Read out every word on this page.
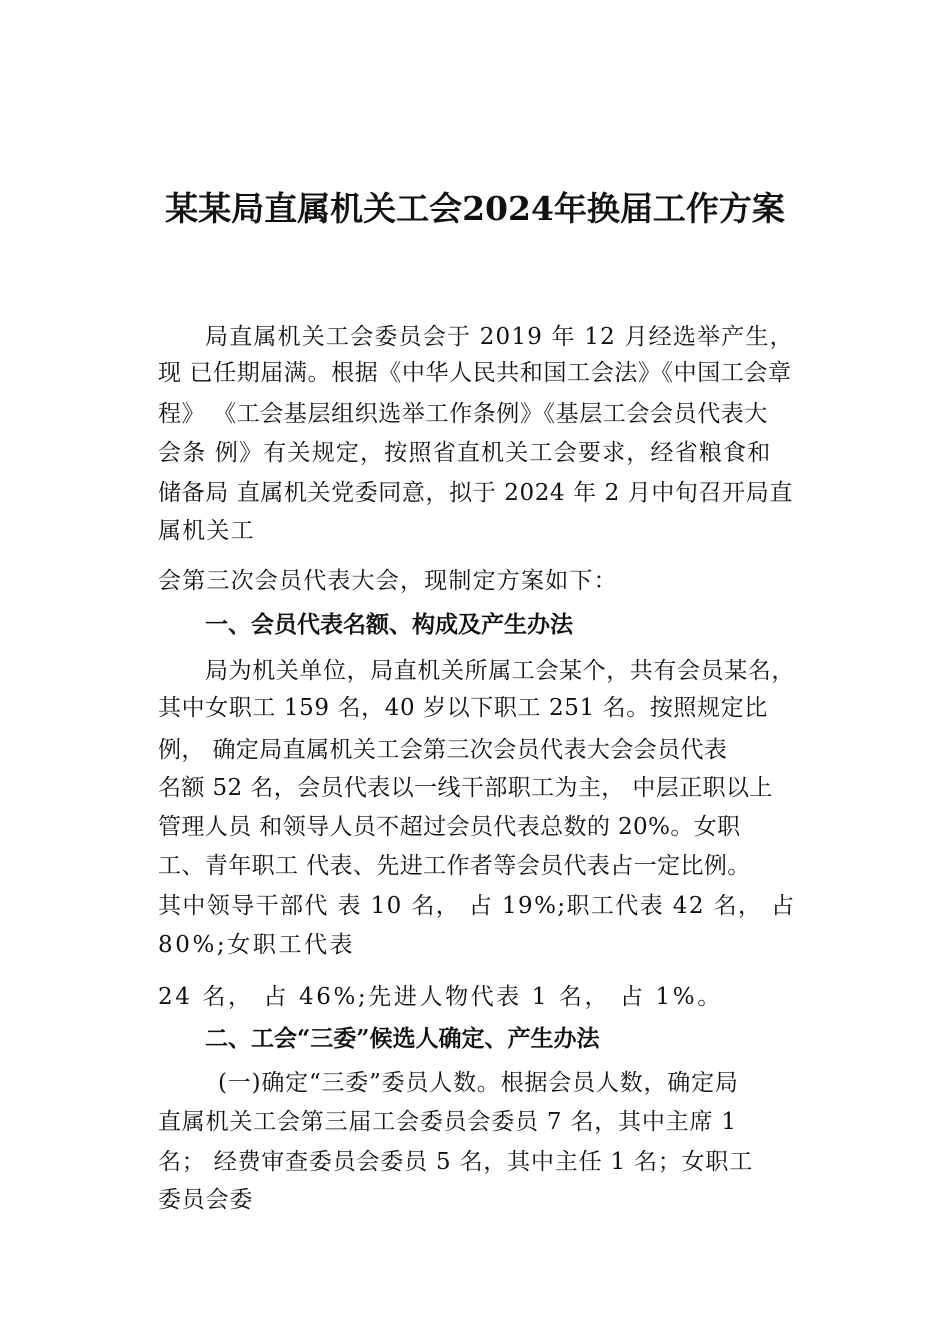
某某局直属机关工会2024年换届工作方案
局直属机关工会委员会于 2019 年 12 月经选举产生，
现 已任期届满。根据《中华人民共和国工会法》《中国工会章
程》 《工会基层组织选举工作条例》《基层工会会员代表大
会条 例》有关规定，按照省直机关工会要求，经省粮食和
储备局 直属机关党委同意，拟于 2024 年 2 月中旬召开局直
属机关工
会第三次会员代表大会，现制定方案如下：
一、会员代表名额、构成及产生办法
局为机关单位，局直机关所属工会某个，共有会员某名，
其中女职工 159 名，40 岁以下职工 251 名。按照规定比
例， 确定局直属机关工会第三次会员代表大会会员代表
名额 52 名，会员代表以一线干部职工为主， 中层正职以上
管理人员 和领导人员不超过会员代表总数的 20%。女职
工、青年职工 代表、先进工作者等会员代表占一定比例。
其中领导干部代 表 10 名， 占 19%;职工代表 42 名， 占
80%;女职工代表
24 名， 占 46%;先进人物代表 1 名， 占 1%。
二、工会“三委”候选人确定、产生办法
(一)确定“三委”委员人数。根据会员人数，确定局
直属机关工会第三届工会委员会委员 7 名，其中主席 1
名； 经费审查委员会委员 5 名，其中主任 1 名；女职工
委员会委
